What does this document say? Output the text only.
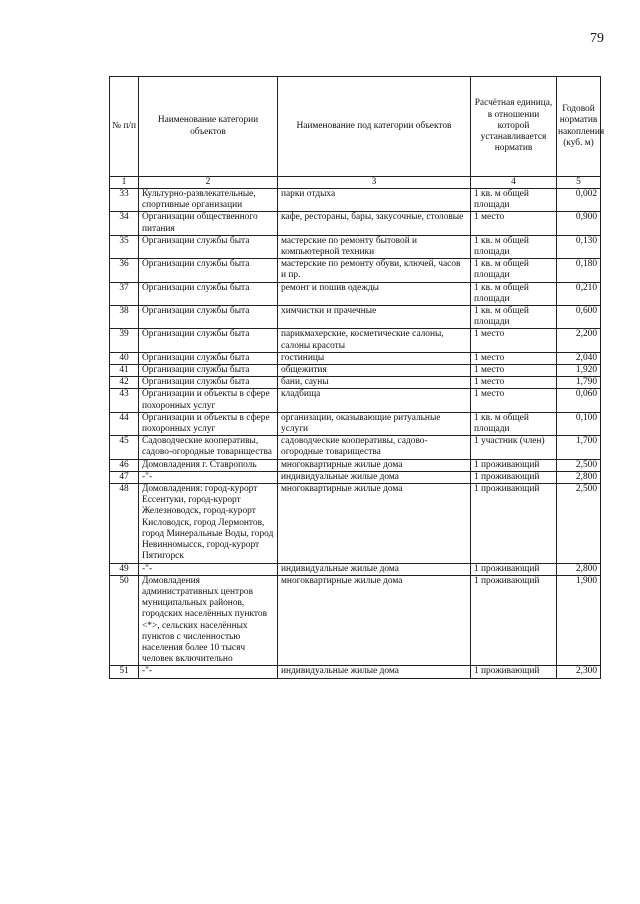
79
№ п/п	Наименование категории объектов	Наименование под категории объектов	Расчётная единица, в отношении которой устанавливается норматив	Годовой норматив накопления (куб. м)
1	2	3	4	5
33	Культурно-развлекательные, спортивные организации	парки отдыха	1 кв. м общей площади	0,002
34	Организации общественного питания	кафе, рестораны, бары, закусочные, столовые	1 место	0,900
35	Организации службы быта	мастерские по ремонту бытовой и компьютерной техники	1 кв. м общей площади	0,130
36	Организации службы быта	мастерские по ремонту обуви, ключей, часов и пр.	1 кв. м общей площади	0,180
37	Организации службы быта	ремонт и пошив одежды	1 кв. м общей площади	0,210
38	Организации службы быта	химчистки и прачечные	1 кв. м общей площади	0,600
39	Организации службы быта	парикмахерские, косметические салоны, салоны красоты	1 место	2,200
40	Организации службы быта	гостиницы	1 место	2,040
41	Организации службы быта	общежития	1 место	1,920
42	Организации службы быта	бани, сауны	1 место	1,790
43	Организации и объекты в сфере похоронных услуг	кладбища	1 место	0,060
44	Организации и объекты в сфере похоронных услуг	организации, оказывающие ритуальные услуги	1 кв. м общей площади	0,100
45	Садоводческие кооперативы, садово-огородные товарищества	садоводческие кооперативы, садово-огородные товарищества	1 участник (член)	1,700
46	Домовладения г. Ставрополь	многоквартирные жилые дома	1 проживающий	2,500
47	-"-	индивидуальные жилые дома	1 проживающий	2,800
48	Домовладения: город-курорт Ессентуки, город-курорт Железноводск, город-курорт Кисловодск, город Лермонтов, город Минеральные Воды, город Невинномысск, город-курорт Пятигорск	многоквартирные жилые дома	1 проживающий	2,500
49	-"-	индивидуальные жилые дома	1 проживающий	2,800
50	Домовладения административных центров муниципальных районов, городских населённых пунктов <*>, сельских населённых пунктов с численностью населения более 10 тысяч человек включительно	многоквартирные жилые дома	1 проживающий	1,900
51	-"-	индивидуальные жилые дома	1 проживающий	2,300
